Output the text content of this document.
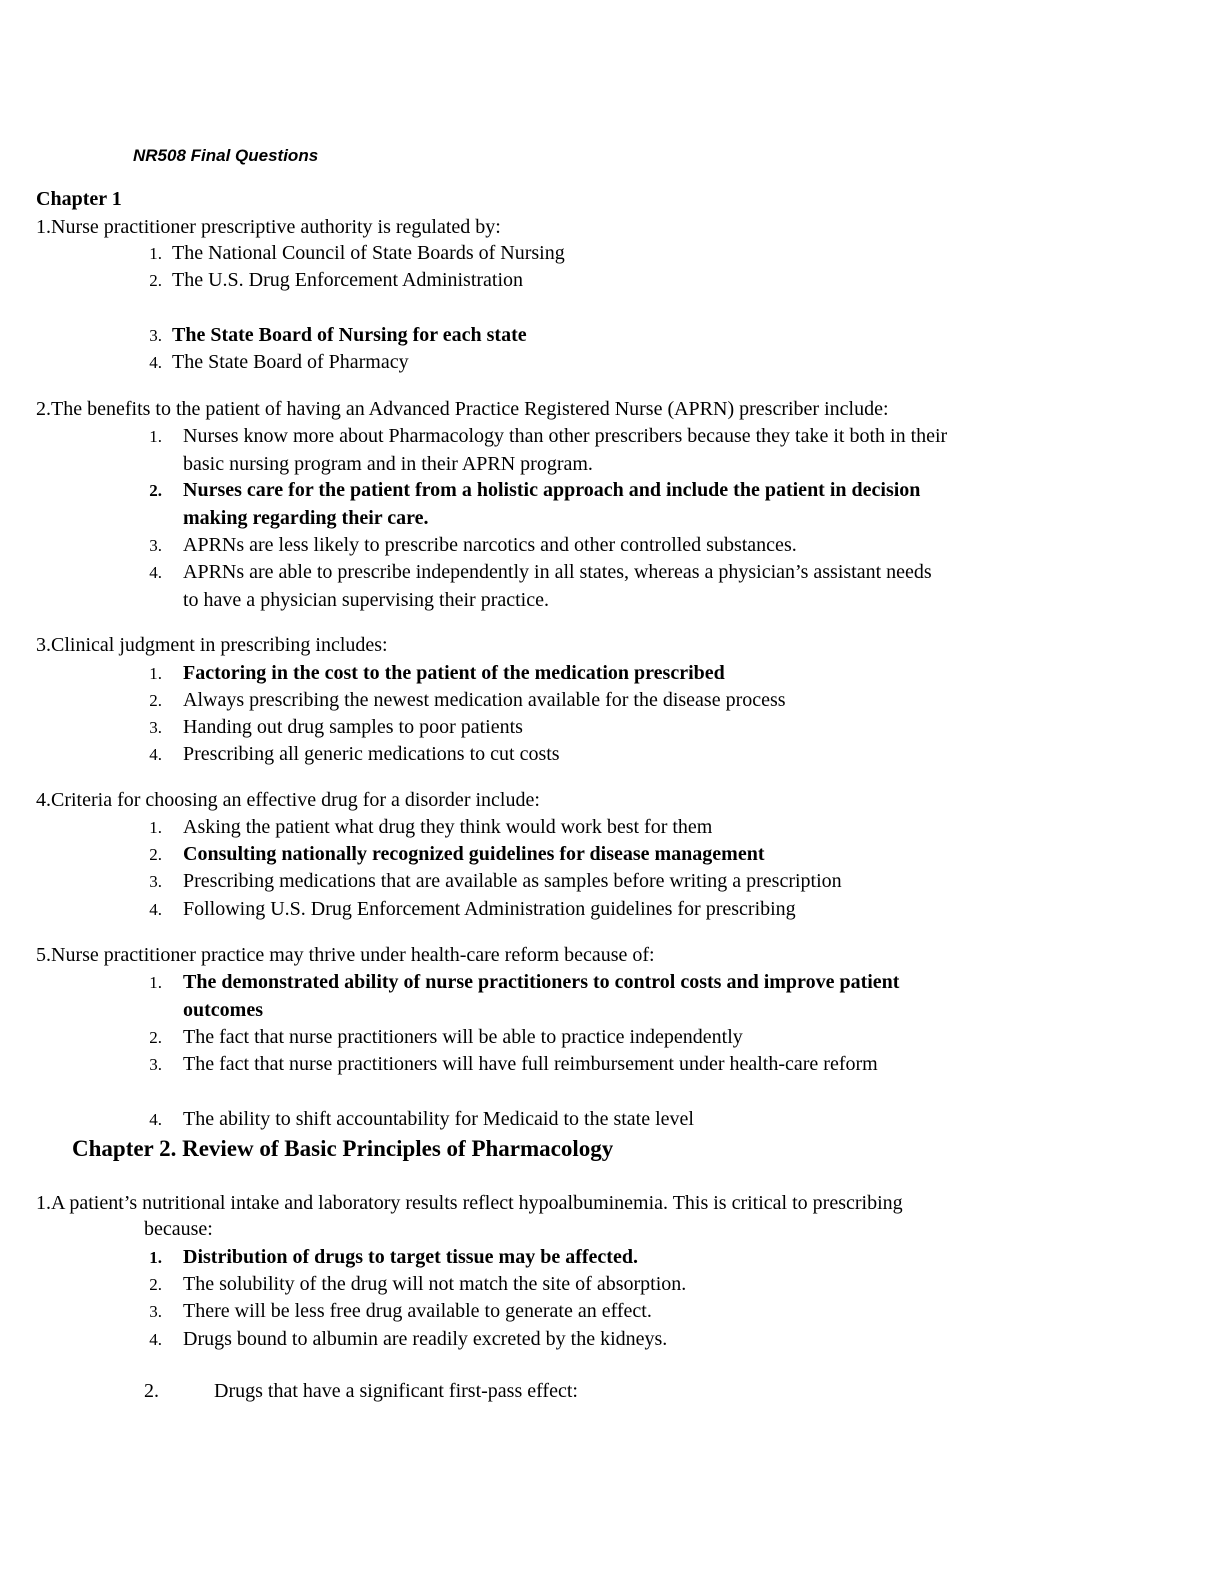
NR508 Final Questions
Chapter 1
1.Nurse practitioner prescriptive authority is regulated by:
1. The National Council of State Boards of Nursing
2. The U.S. Drug Enforcement Administration
3. The State Board of Nursing for each state
4. The State Board of Pharmacy
2.The benefits to the patient of having an Advanced Practice Registered Nurse (APRN) prescriber include:
1. Nurses know more about Pharmacology than other prescribers because they take it both in their basic nursing program and in their APRN program.
2. Nurses care for the patient from a holistic approach and include the patient in decision making regarding their care.
3. APRNs are less likely to prescribe narcotics and other controlled substances.
4. APRNs are able to prescribe independently in all states, whereas a physician’s assistant needs to have a physician supervising their practice.
3.Clinical judgment in prescribing includes:
1. Factoring in the cost to the patient of the medication prescribed
2. Always prescribing the newest medication available for the disease process
3. Handing out drug samples to poor patients
4. Prescribing all generic medications to cut costs
4.Criteria for choosing an effective drug for a disorder include:
1. Asking the patient what drug they think would work best for them
2. Consulting nationally recognized guidelines for disease management
3. Prescribing medications that are available as samples before writing a prescription
4. Following U.S. Drug Enforcement Administration guidelines for prescribing
5.Nurse practitioner practice may thrive under health-care reform because of:
1. The demonstrated ability of nurse practitioners to control costs and improve patient outcomes
2. The fact that nurse practitioners will be able to practice independently
3. The fact that nurse practitioners will have full reimbursement under health-care reform
4. The ability to shift accountability for Medicaid to the state level
Chapter 2. Review of Basic Principles of Pharmacology
1.A patient’s nutritional intake and laboratory results reflect hypoalbuminemia. This is critical to prescribing
because:
1. Distribution of drugs to target tissue may be affected.
2. The solubility of the drug will not match the site of absorption.
3. There will be less free drug available to generate an effect.
4. Drugs bound to albumin are readily excreted by the kidneys.
2.	Drugs that have a significant first-pass effect:
